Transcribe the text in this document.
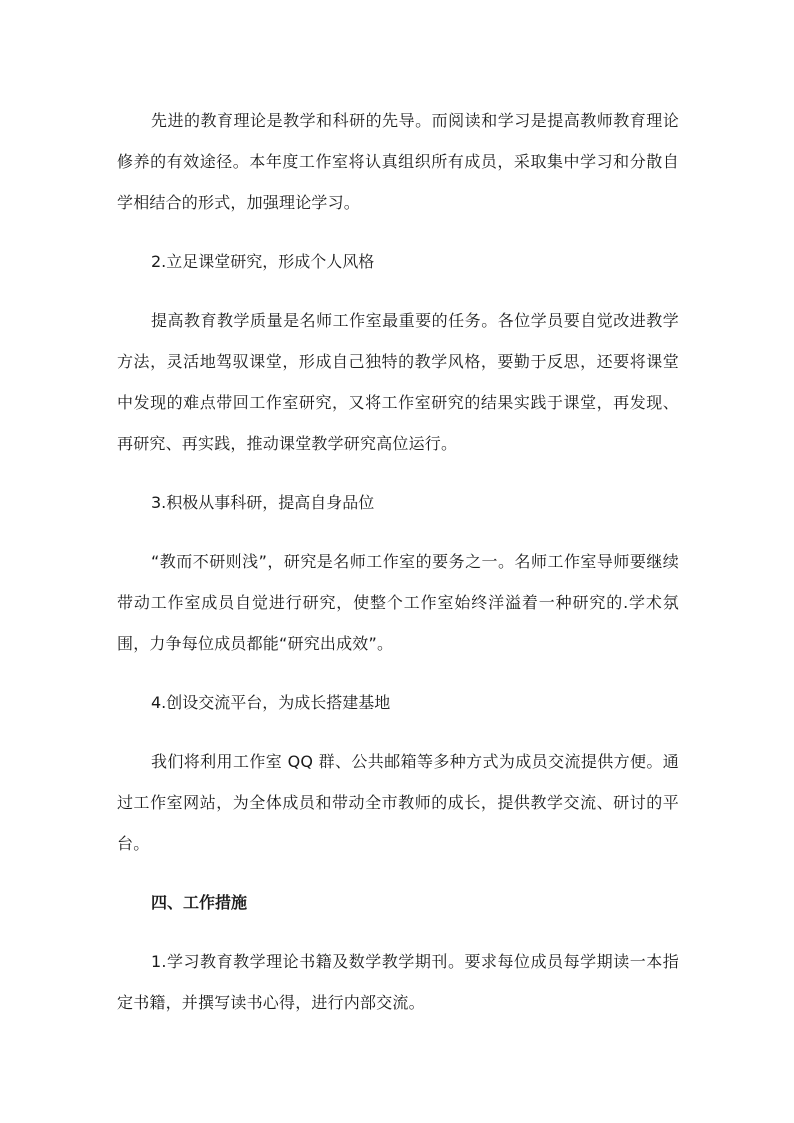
先进的教育理论是教学和科研的先导。而阅读和学习是提高教师教育理论修养的有效途径。本年度工作室将认真组织所有成员，采取集中学习和分散自学相结合的形式，加强理论学习。

2.立足课堂研究，形成个人风格

提高教育教学质量是名师工作室最重要的任务。各位学员要自觉改进教学方法，灵活地驾驭课堂，形成自己独特的教学风格，要勤于反思，还要将课堂中发现的难点带回工作室研究，又将工作室研究的结果实践于课堂，再发现、再研究、再实践，推动课堂教学研究高位运行。

3.积极从事科研，提高自身品位

“教而不研则浅”，研究是名师工作室的要务之一。名师工作室导师要继续带动工作室成员自觉进行研究，使整个工作室始终洋溢着一种研究的.学术氛围，力争每位成员都能“研究出成效”。

4.创设交流平台，为成长搭建基地

我们将利用工作室 QQ 群、公共邮箱等多种方式为成员交流提供方便。通过工作室网站，为全体成员和带动全市教师的成长，提供教学交流、研讨的平台。

四、工作措施

1.学习教育教学理论书籍及数学教学期刊。要求每位成员每学期读一本指定书籍，并撰写读书心得，进行内部交流。
